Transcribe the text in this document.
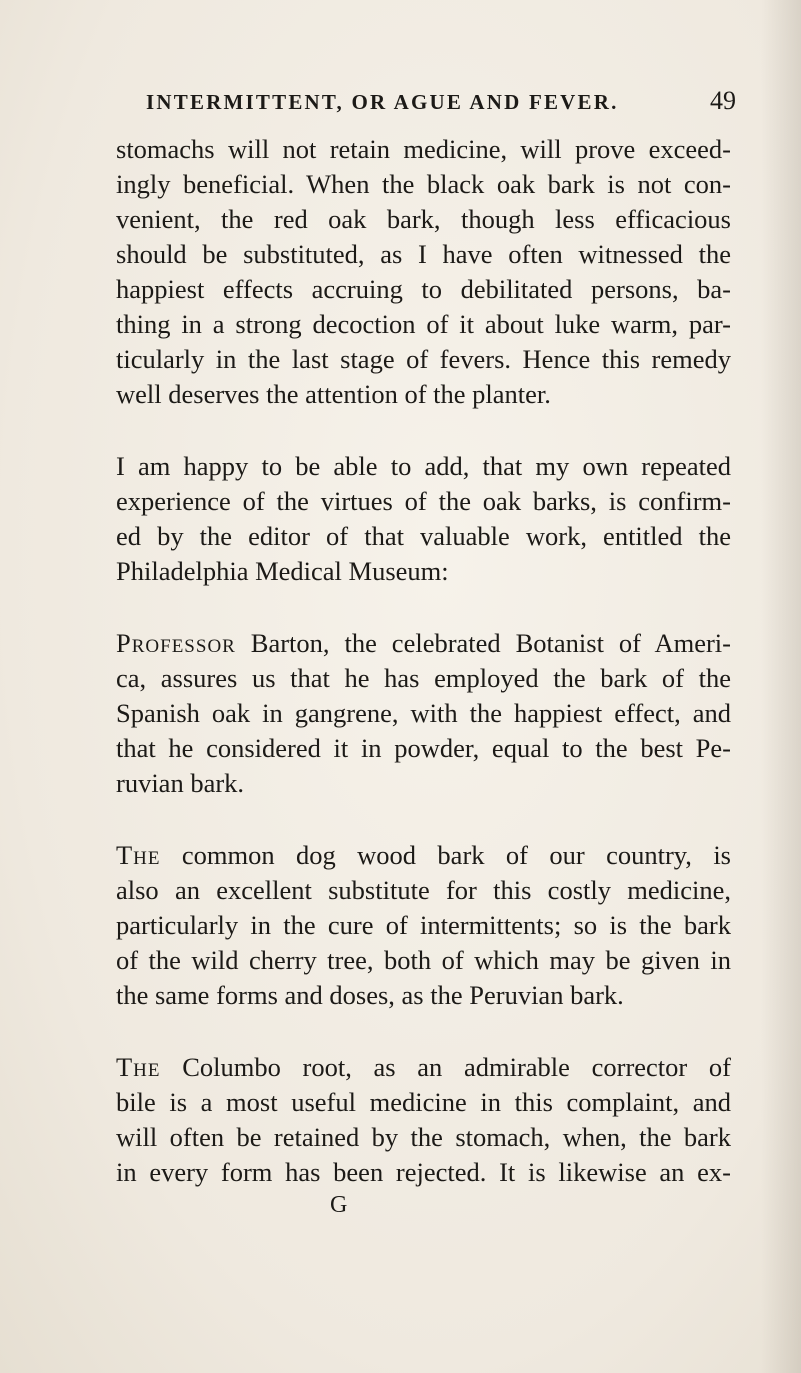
INTERMITTENT, OR AGUE AND FEVER.	49
stomachs will not retain medicine, will prove exceed-
ingly beneficial. When the black oak bark is not con-
venient, the red oak bark, though less efficacious
should be substituted, as I have often witnessed the
happiest effects accruing to debilitated persons, ba-
thing in a strong decoction of it about luke warm, par-
ticularly in the last stage of fevers. Hence this remedy
well deserves the attention of the planter.
I am happy to be able to add, that my own repeated
experience of the virtues of the oak barks, is confirm-
ed by the editor of that valuable work, entitled the
Philadelphia Medical Museum:
Professor Barton, the celebrated Botanist of Ameri-
ca, assures us that he has employed the bark of the
Spanish oak in gangrene, with the happiest effect, and
that he considered it in powder, equal to the best Pe-
ruvian bark.
The common dog wood bark of our country, is
also an excellent substitute for this costly medicine,
particularly in the cure of intermittents; so is the bark
of the wild cherry tree, both of which may be given in
the same forms and doses, as the Peruvian bark.
The Columbo root, as an admirable corrector of
bile is a most useful medicine in this complaint, and
will often be retained by the stomach, when, the bark
in every form has been rejected. It is likewise an ex-
G
